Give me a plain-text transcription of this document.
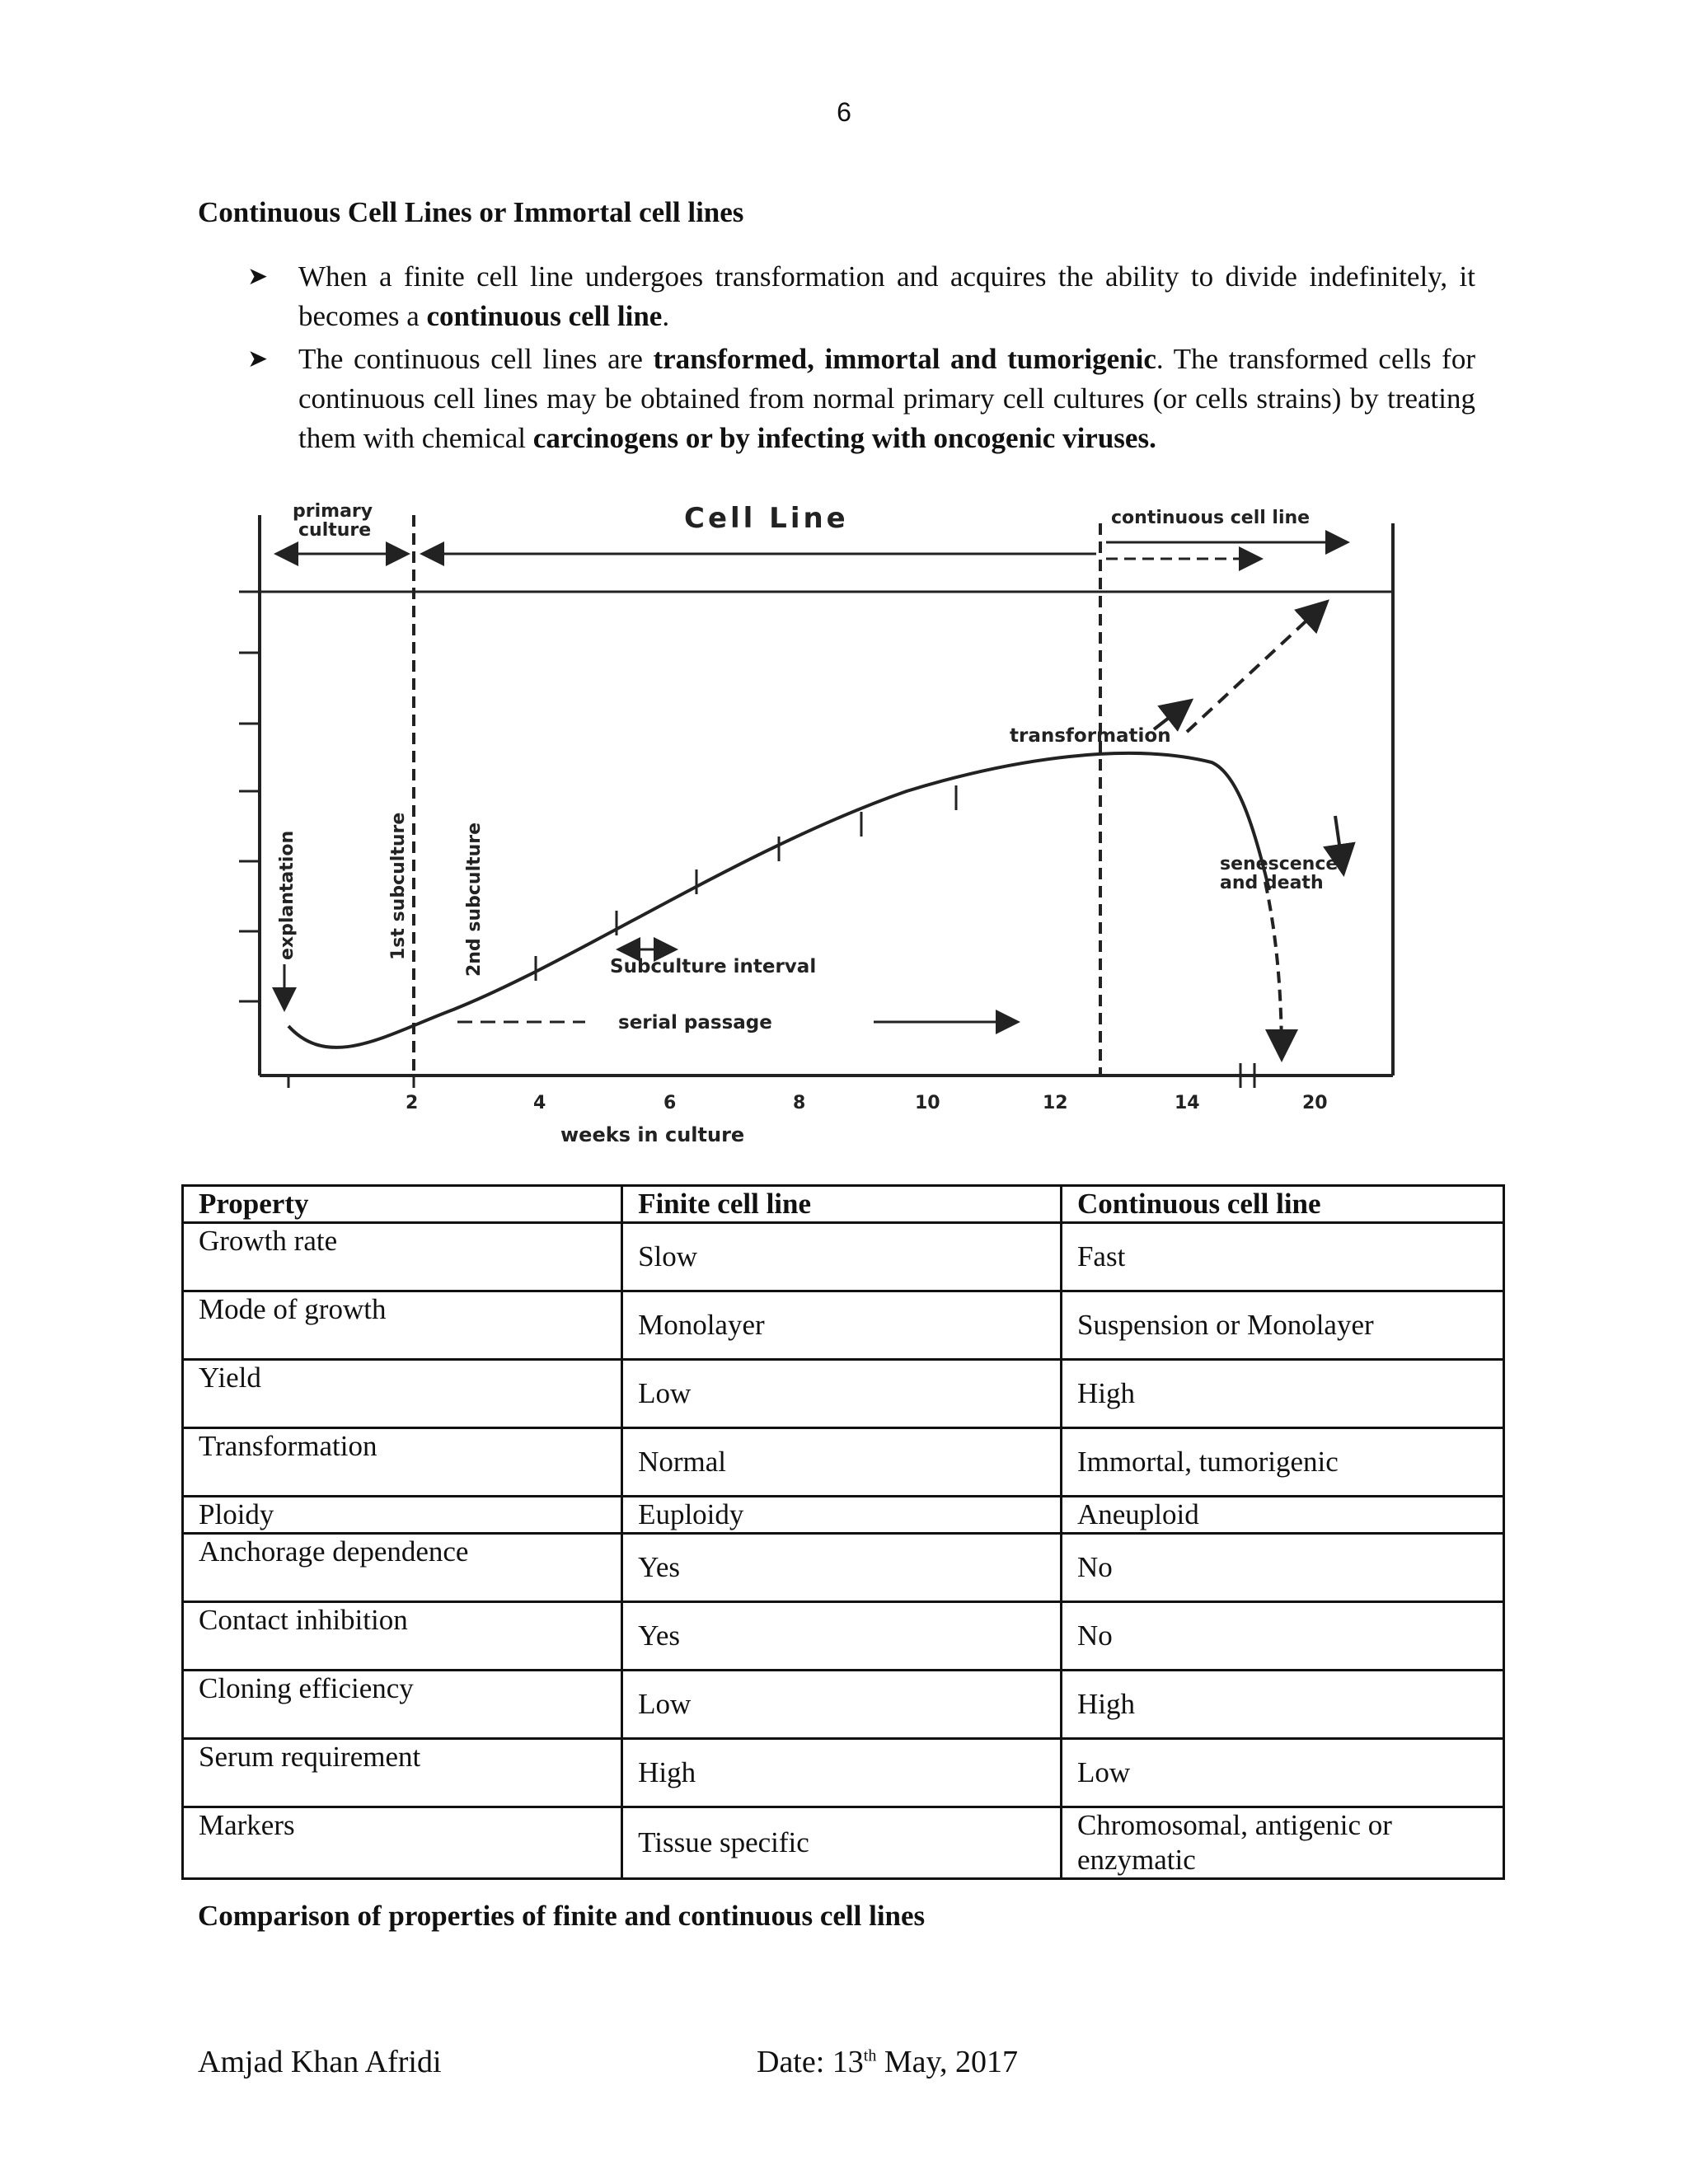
6
Continuous Cell Lines or Immortal cell lines
➤ When a finite cell line undergoes transformation and acquires the ability to divide indefinitely, it becomes a continuous cell line.
➤ The continuous cell lines are transformed, immortal and tumorigenic. The transformed cells for continuous cell lines may be obtained from normal primary cell cultures (or cells strains) by treating them with chemical carcinogens or by infecting with oncogenic viruses.
primary
culture	Cell Line	continuous cell line
transformation
senescence
and death
explantation	1st subculture	2nd subculture	Subculture interval
serial passage
2	4	6	8	10	12	14	20
weeks in culture
Property	Finite cell line	Continuous cell line
Growth rate	Slow	Fast
Mode of growth	Monolayer	Suspension or Monolayer
Yield	Low	High
Transformation	Normal	Immortal, tumorigenic
Ploidy	Euploidy	Aneuploid
Anchorage dependence	Yes	No
Contact inhibition	Yes	No
Cloning efficiency	Low	High
Serum requirement	High	Low
Markers	Tissue specific	Chromosomal, antigenic or enzymatic
Comparison of properties of finite and continuous cell lines
Amjad Khan Afridi	Date: 13th May, 2017
